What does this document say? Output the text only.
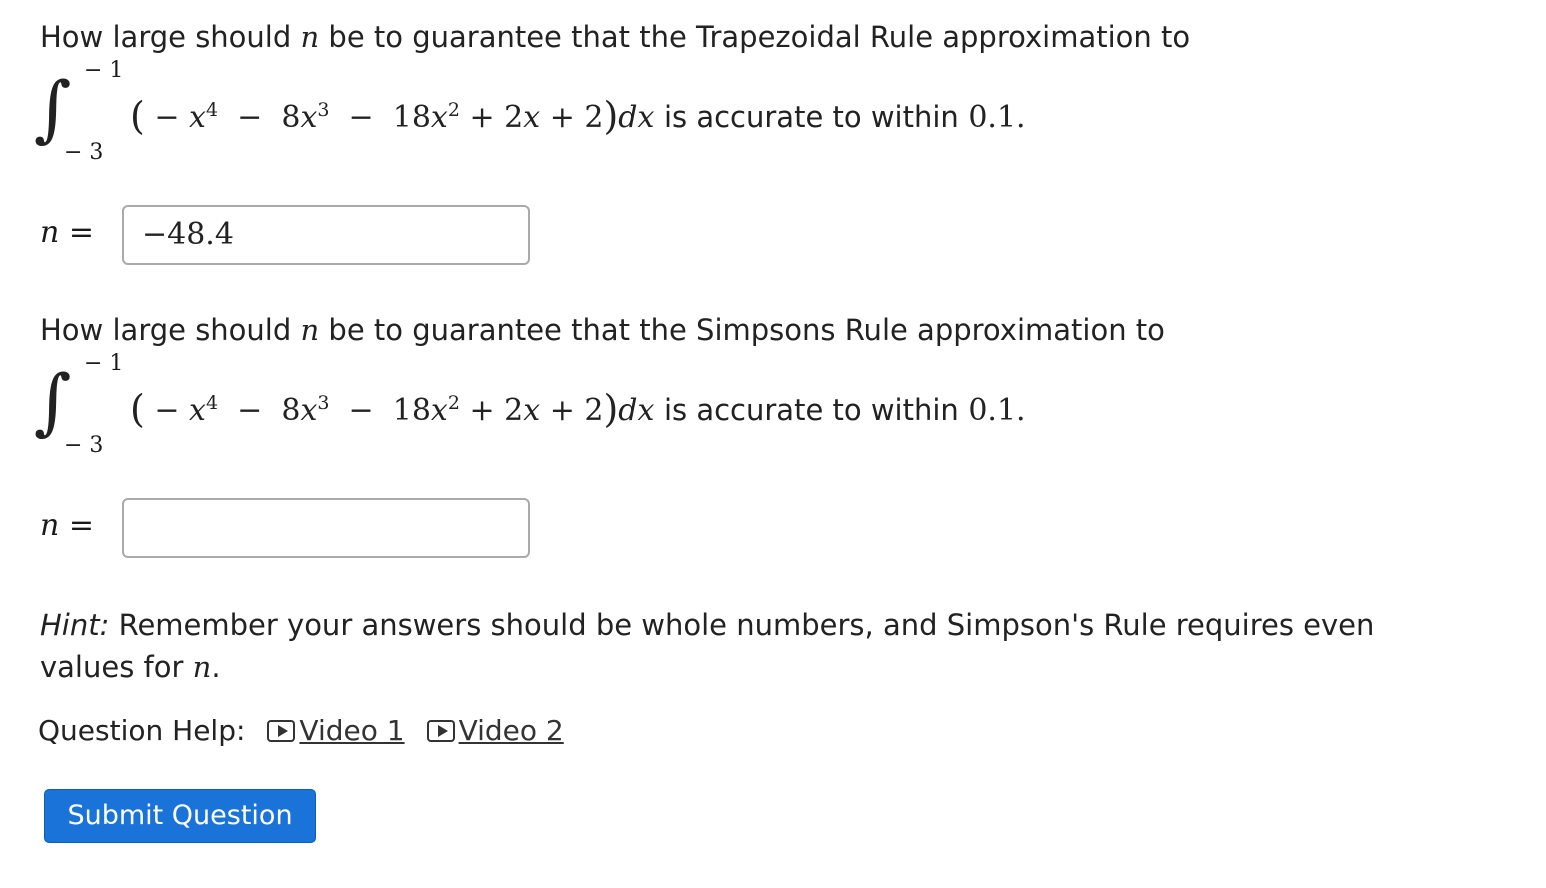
How large should n be to guarantee that the Trapezoidal Rule approximation to
∫ − 1
− 3
( − $x^4 - 8x^3 - 18x^2 + 2x + 2)dx$ is accurate to within 0.1.
n =	−48.4
How large should n be to guarantee that the Simpsons Rule approximation to
∫ − 1
− 3
( − $x^4 - 8x^3 - 18x^2 + 2x + 2)dx$ is accurate to within 0.1.
n =
Hint: Remember your answers should be whole numbers, and Simpson's Rule requires even values for n.
Question Help: Video 1 Video 2
Submit Question
